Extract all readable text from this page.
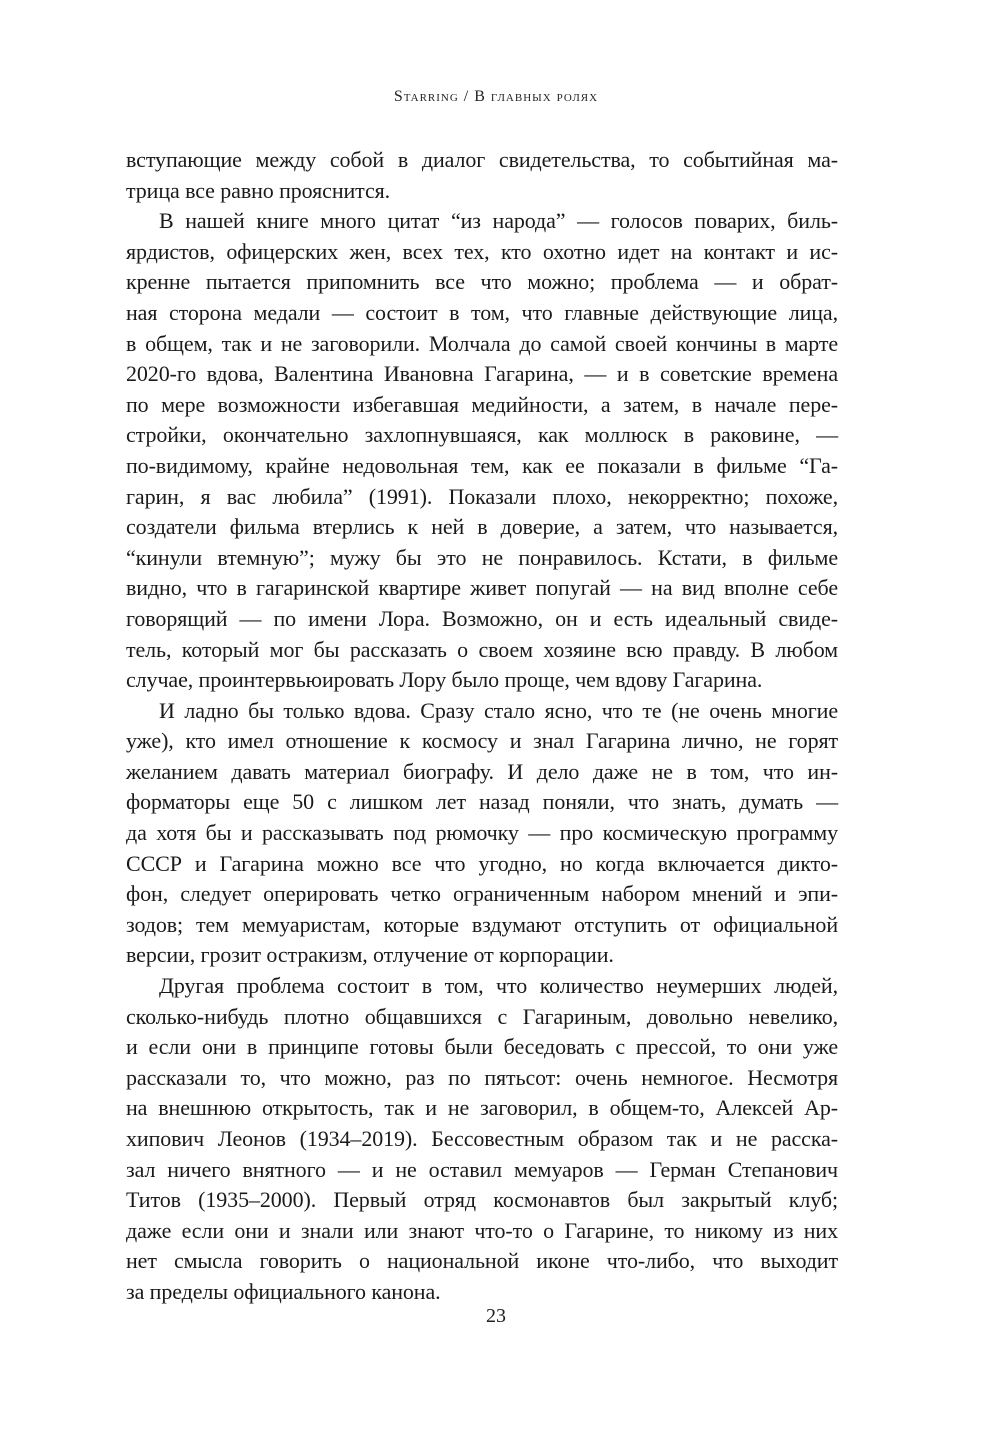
Starring / В главных ролях
вступающие между собой в диалог свидетельства, то событийная ма-
трица все равно прояснится.
В нашей книге много цитат “из народа” — голосов поварих, биль-
ярдистов, офицерских жен, всех тех, кто охотно идет на контакт и ис-
кренне пытается припомнить все что можно; проблема — и обрат-
ная сторона медали — состоит в том, что главные действующие лица,
в общем, так и не заговорили. Молчала до самой своей кончины в марте
2020-го вдова, Валентина Ивановна Гагарина, — и в советские времена
по мере возможности избегавшая медийности, а затем, в начале пере-
стройки, окончательно захлопнувшаяся, как моллюск в раковине, —
по-видимому, крайне недовольная тем, как ее показали в фильме “Га-
гарин, я вас любила” (1991). Показали плохо, некорректно; похоже,
создатели фильма втерлись к ней в доверие, а затем, что называется,
“кинули втемную”; мужу бы это не понравилось. Кстати, в фильме
видно, что в гагаринской квартире живет попугай — на вид вполне себе
говорящий — по имени Лора. Возможно, он и есть идеальный свиде-
тель, который мог бы рассказать о своем хозяине всю правду. В любом
случае, проинтервьюировать Лору было проще, чем вдову Гагарина.
И ладно бы только вдова. Сразу стало ясно, что те (не очень многие
уже), кто имел отношение к космосу и знал Гагарина лично, не горят
желанием давать материал биографу. И дело даже не в том, что ин-
форматоры еще 50 с лишком лет назад поняли, что знать, думать —
да хотя бы и рассказывать под рюмочку — про космическую программу
СССР и Гагарина можно все что угодно, но когда включается дикто-
фон, следует оперировать четко ограниченным набором мнений и эпи-
зодов; тем мемуаристам, которые вздумают отступить от официальной
версии, грозит остракизм, отлучение от корпорации.
Другая проблема состоит в том, что количество неумерших людей,
сколько-нибудь плотно общавшихся с Гагариным, довольно невелико,
и если они в принципе готовы были беседовать с прессой, то они уже
рассказали то, что можно, раз по пятьсот: очень немногое. Несмотря
на внешнюю открытость, так и не заговорил, в общем-то, Алексей Ар-
хипович Леонов (1934–2019). Бессовестным образом так и не расска-
зал ничего внятного — и не оставил мемуаров — Герман Степанович
Титов (1935–2000). Первый отряд космонавтов был закрытый клуб;
даже если они и знали или знают что-то о Гагарине, то никому из них
нет смысла говорить о национальной иконе что-либо, что выходит
за пределы официального канона.
23
